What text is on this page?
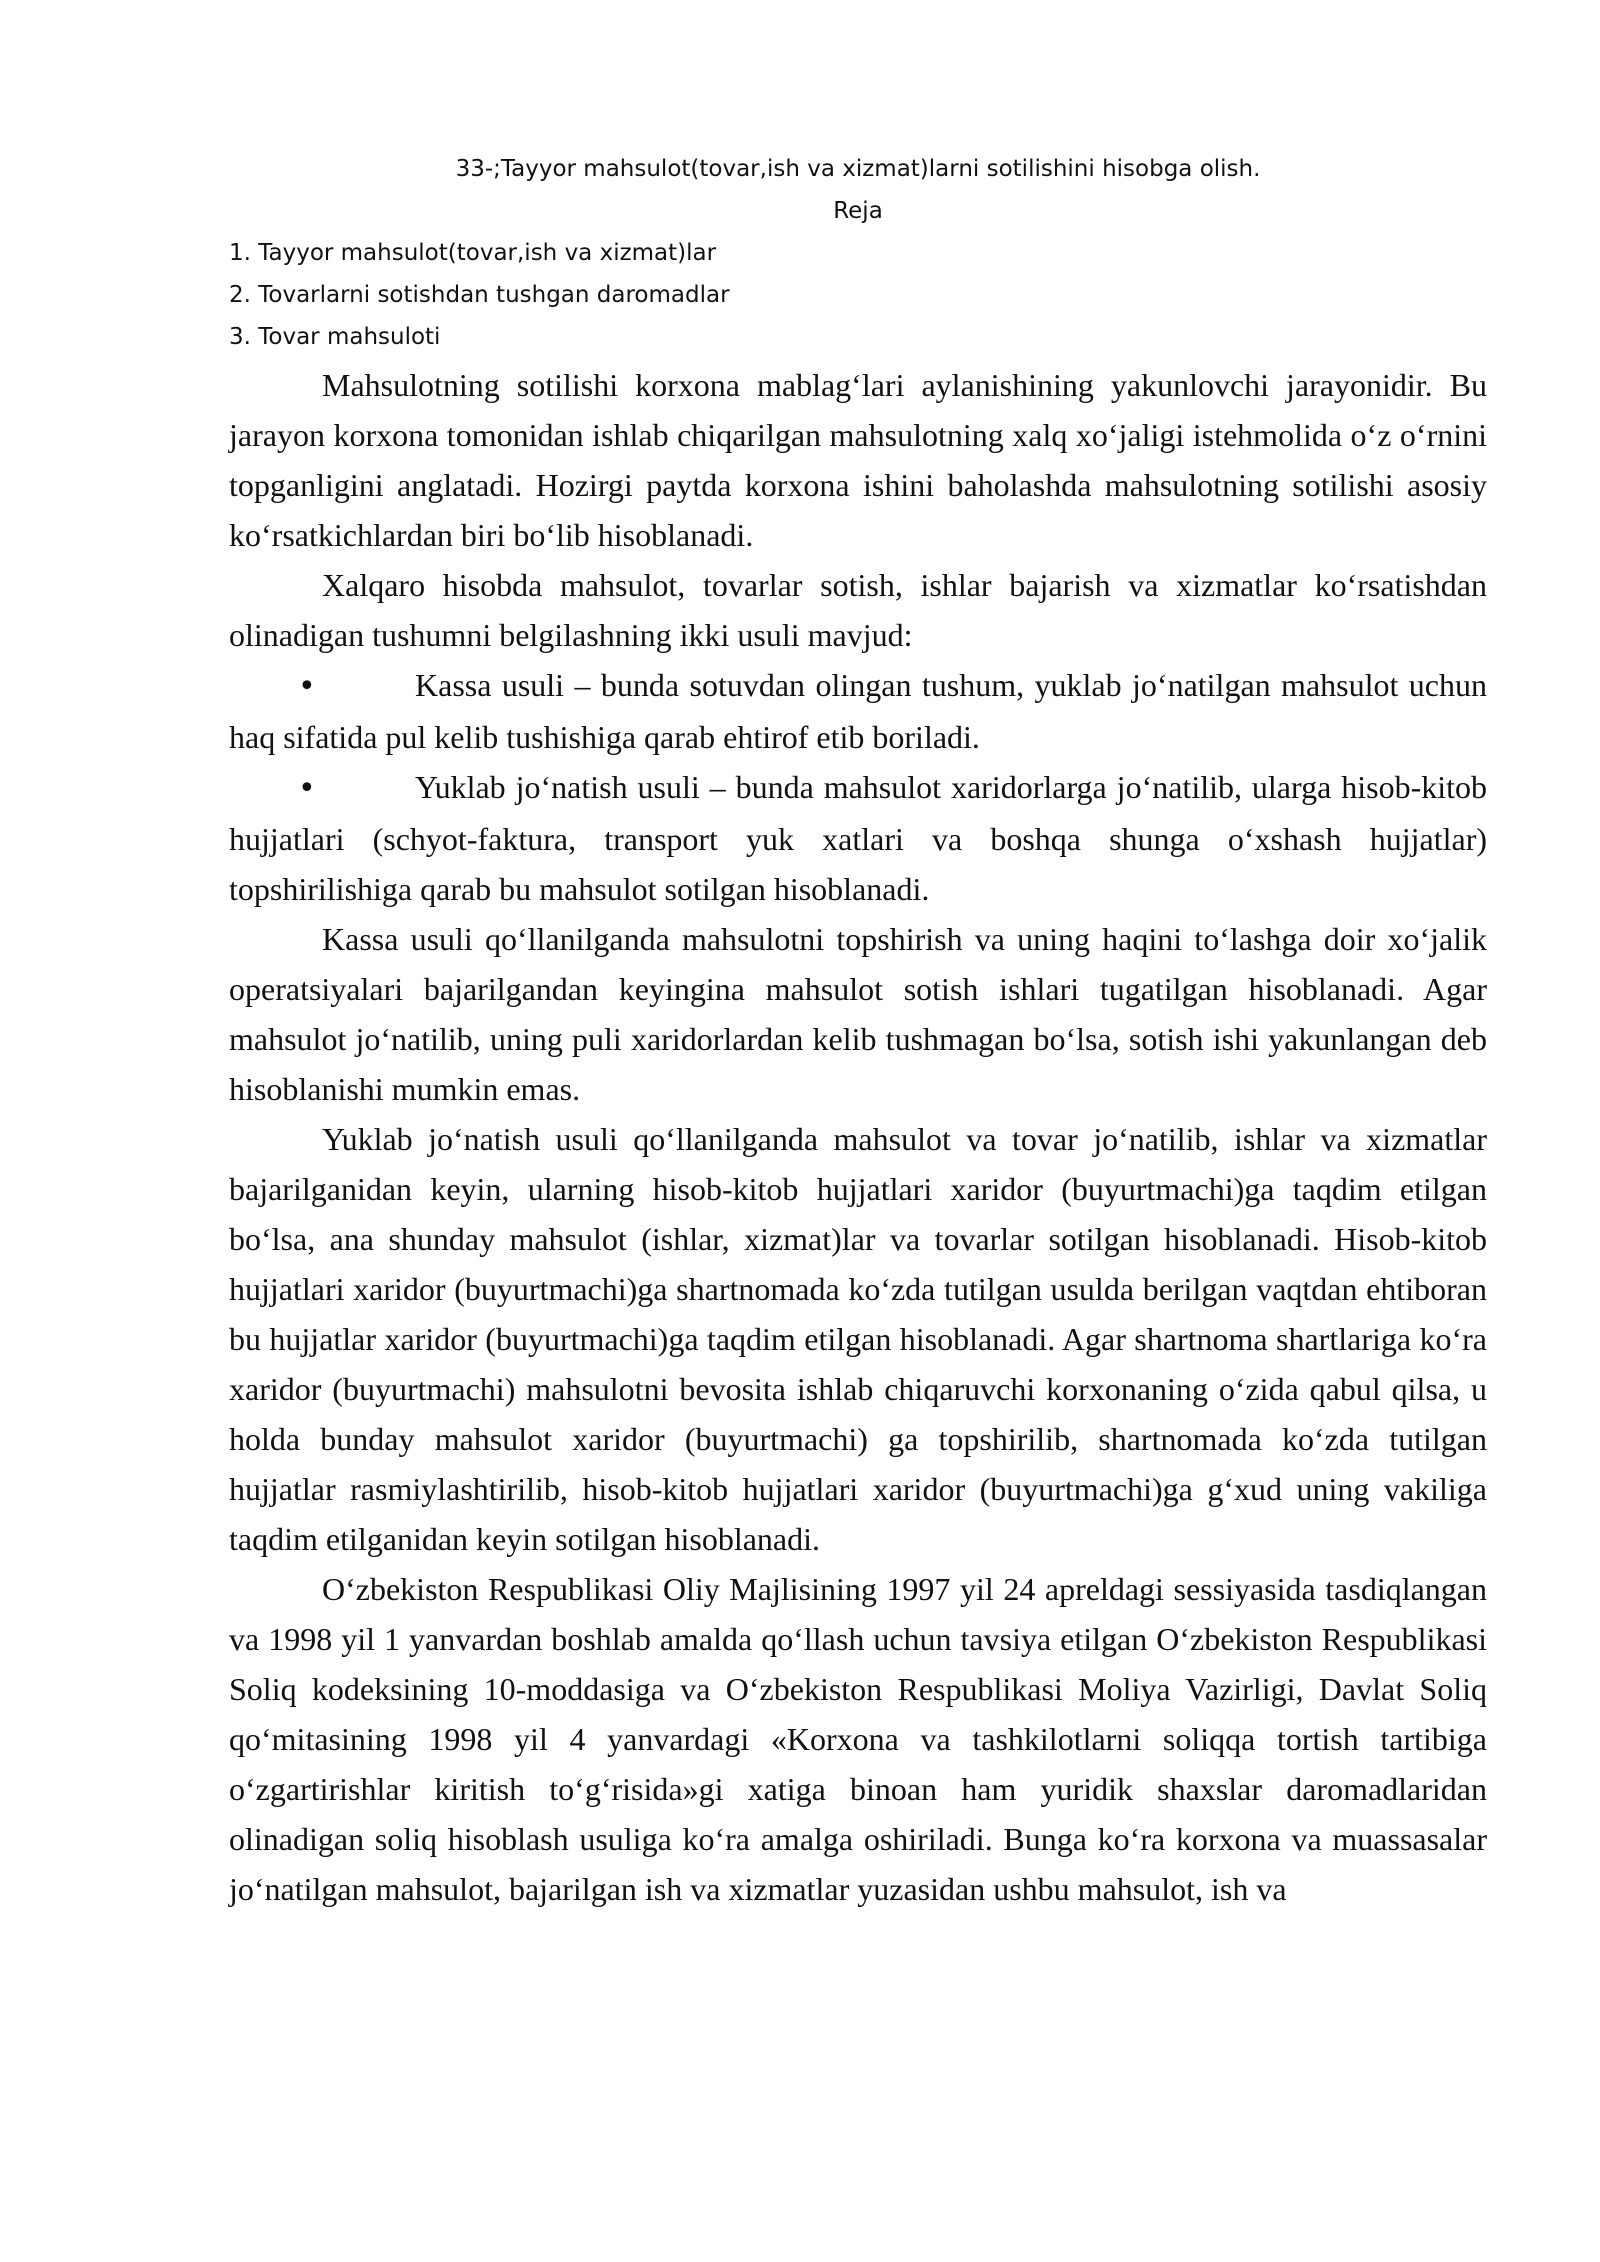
33-;Tayyor mahsulot(tovar,ish va xizmat)larni sotilishini hisobga olish.
Reja
1. Tayyor mahsulot(tovar,ish va xizmat)lar
2. Tovarlarni sotishdan tushgan daromadlar
3. Tovar mahsuloti

Mahsulotning sotilishi korxona mablag‘lari aylanishining yakunlovchi jarayonidir. Bu jarayon korxona tomonidan ishlab chiqarilgan mahsulotning xalq xo‘jaligi istehmolida o‘z o‘rnini topganligini anglatadi. Hozirgi paytda korxona ishini baholashda mahsulotning sotilishi asosiy ko‘rsatkichlardan biri bo‘lib hisoblanadi.

Xalqaro hisobda mahsulot, tovarlar sotish, ishlar bajarish va xizmatlar ko‘rsatishdan olinadigan tushumni belgilashning ikki usuli mavjud:

Kassa usuli – bunda sotuvdan olingan tushum, yuklab jo‘natilgan mahsulot uchun haq sifatida pul kelib tushishiga qarab ehtirof etib boriladi.

Yuklab jo‘natish usuli – bunda mahsulot xaridorlarga jo‘natilib, ularga hisob-kitob hujjatlari (schyot-faktura, transport yuk xatlari va boshqa shunga o‘xshash hujjatlar) topshirilishiga qarab bu mahsulot sotilgan hisoblanadi.

Kassa usuli qo‘llanilganda mahsulotni topshirish va uning haqini to‘lashga doir xo‘jalik operatsiyalari bajarilgandan keyingina mahsulot sotish ishlari tugatilgan hisoblanadi. Agar mahsulot jo‘natilib, uning puli xaridorlardan kelib tushmagan bo‘lsa, sotish ishi yakunlangan deb hisoblanishi mumkin emas.

Yuklab jo‘natish usuli qo‘llanilganda mahsulot va tovar jo‘natilib, ishlar va xizmatlar bajarilganidan keyin, ularning hisob-kitob hujjatlari xaridor (buyurtmachi)ga taqdim etilgan bo‘lsa, ana shunday mahsulot (ishlar, xizmat)lar va tovarlar sotilgan hisoblanadi. Hisob-kitob hujjatlari xaridor (buyurtmachi)ga shartnomada ko‘zda tutilgan usulda berilgan vaqtdan ehtiboran bu hujjatlar xaridor (buyurtmachi)ga taqdim etilgan hisoblanadi. Agar shartnoma shartlariga ko‘ra xaridor (buyurtmachi) mahsulotni bevosita ishlab chiqaruvchi korxonaning o‘zida qabul qilsa, u holda bunday mahsulot xaridor (buyurtmachi) ga topshirilib, shartnomada ko‘zda tutilgan hujjatlar rasmiylashtirilib, hisob-kitob hujjatlari xaridor (buyurtmachi)ga g‘xud uning vakiliga taqdim etilganidan keyin sotilgan hisoblanadi.

O‘zbekiston Respublikasi Oliy Majlisining 1997 yil 24 apreldagi sessiyasida tasdiqlangan va 1998 yil 1 yanvardan boshlab amalda qo‘llash uchun tavsiya etilgan O‘zbekiston Respublikasi Soliq kodeksining 10-moddasiga va O‘zbekiston Respublikasi Moliya Vazirligi, Davlat Soliq qo‘mitasining 1998 yil 4 yanvardagi «Korxona va tashkilotlarni soliqqa tortish tartibiga o‘zgartirishlar kiritish to‘g‘risida»gi xatiga binoan ham yuridik shaxslar daromadlaridan olinadigan soliq hisoblash usuliga ko‘ra amalga oshiriladi. Bunga ko‘ra korxona va muassasalar jo‘natilgan mahsulot, bajarilgan ish va xizmatlar yuzasidan ushbu mahsulot, ish va
